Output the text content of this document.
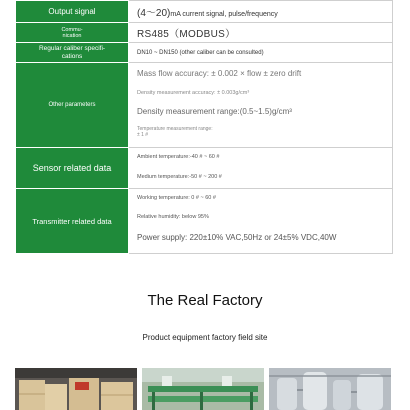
Output signal	(4～20)mA current signal, pulse/frequency
Commu-
nication	RS485（MODBUS）
Regular caliber specifi-
cations	DN10 ~ DN150 (other caliber can be consulted)
Other parameters	Mass flow accuracy: ± 0.002 × flow ± zero drift
Density measurement accuracy: ± 0.003g/cm³
Density measurement range:(0.5~1.5)g/cm³
Temperature measurement range:
± 1 #

Sensor related data	Ambient temperature:-40 # ~ 60 #
Medium temperature:-50 # ~ 200 #

Transmitter related data	Working temperature: 0 # ~ 60 #
Relative humidity: below 95%
Power supply: 220±10% VAC,50Hz or 24±5% VDC,40W
The Real Factory
Product equipment factory field site
